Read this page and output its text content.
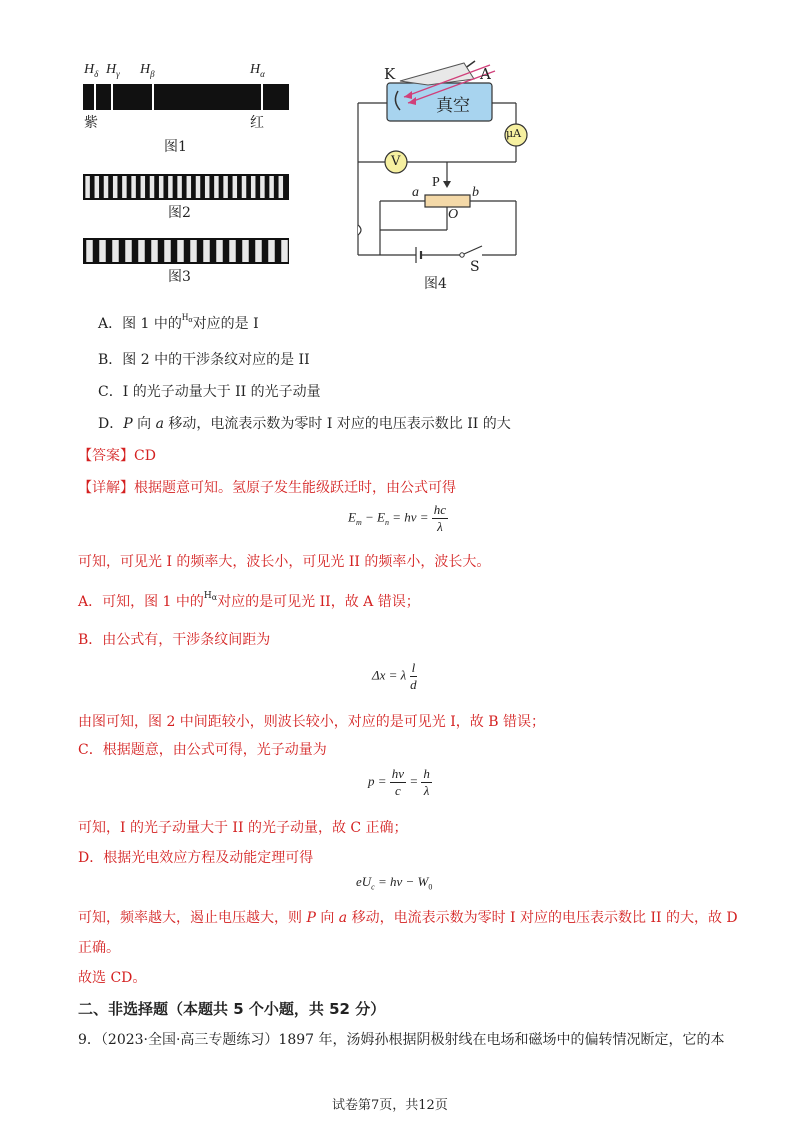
$H_\delta$ $H_\gamma$ $H_\beta$	$H_\alpha$
紫	红
图1
图2
图3
K	A
真空
μA
V
P
a	b
O
S
图4
A．图 1 中的$^H_\alpha$对应的是 I
B．图 2 中的干涉条纹对应的是 II
C．I 的光子动量大于 II 的光子动量
D．P 向 a 移动，电流表示数为零时 I 对应的电压表示数比 II 的大
【答案】CD
【详解】根据题意可知。氢原子发生能级跃迁时，由公式可得
$E_m - E_n = h\nu = \frac{hc}{\lambda}$
可知，可见光 I 的频率大，波长小，可见光 II 的频率小，波长大。
A．可知，图 1 中的$^H_\alpha$对应的是可见光 II，故 A 错误；
B．由公式有，干涉条纹间距为
Δx = λ $\frac{l}{d}$
由图可知，图 2 中间距较小，则波长较小，对应的是可见光 I，故 B 错误；
C．根据题意，由公式可得，光子动量为
$p = \frac{h\nu}{c} = \frac{h}{\lambda}$
可知，I 的光子动量大于 II 的光子动量，故 C 正确；
D．根据光电效应方程及动能定理可得
$eU_c = h\nu - W_0$
可知，频率越大，遏止电压越大，则 P 向 a 移动，电流表示数为零时 I 对应的电压表示数比 II 的大，故 D
正确。
故选 CD。
二、非选择题（本题共 5 个小题，共 52 分）
9．（2023·全国·高三专题练习）1897 年，汤姆孙根据阴极射线在电场和磁场中的偏转情况断定，它的本
试卷第7页，共12页
